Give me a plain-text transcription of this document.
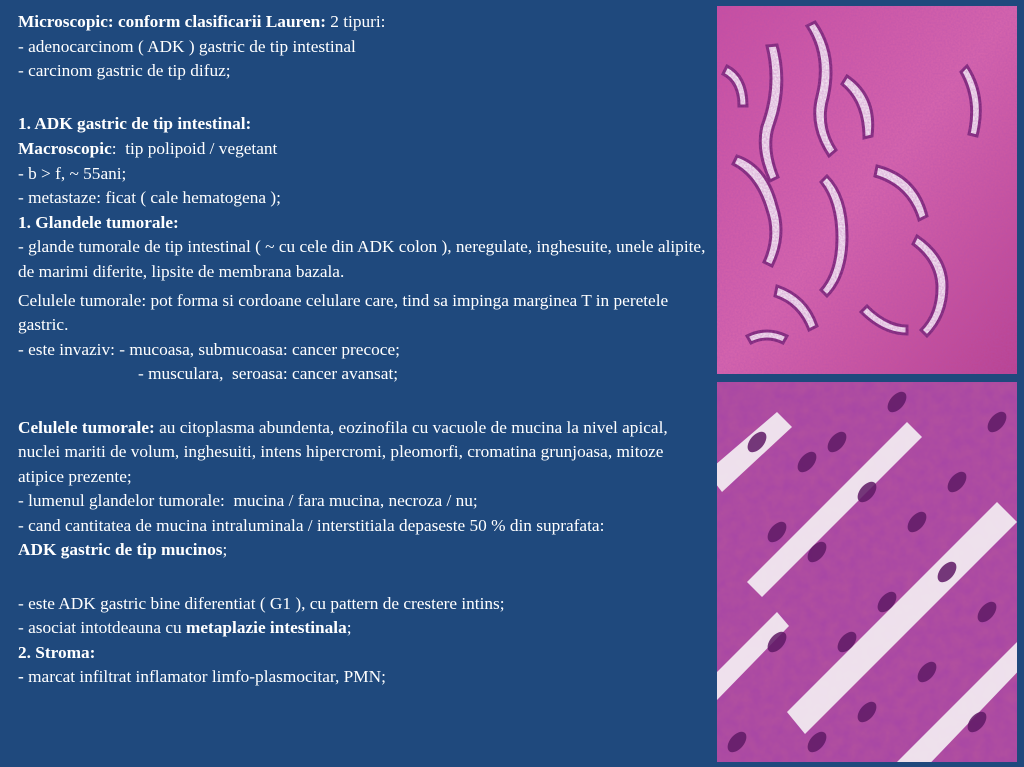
Microscopic: conform clasificarii Lauren: 2 tipuri:
- adenocarcinom ( ADK ) gastric de tip intestinal
- carcinom gastric de tip difuz;
1. ADK gastric de tip intestinal:
Macroscopic:  tip polipoid / vegetant
- b > f, ~ 55ani;
- metastaze: ficat ( cale hematogena );
1. Glandele tumorale:
- glande tumorale de tip intestinal ( ~ cu cele din ADK colon ), neregulate, inghesuite, unele alipite, de marimi diferite, lipsite de membrana bazala.
Celulele tumorale: pot forma si cordoane celulare care, tind sa impinga marginea T in peretele gastric.
- este invaziv: - mucoasa, submucoasa: cancer precoce;
- musculara,  seroasa: cancer avansat;
Celulele tumorale: au citoplasma abundenta, eozinofila cu vacuole de mucina la nivel apical, nuclei mariti de volum, inghesuiti, intens hipercromi, pleomorfi, cromatina grunjoasa, mitoze atipice prezente;
- lumenul glandelor tumorale:  mucina / fara mucina, necroza / nu;
- cand cantitatea de mucina intraluminala / interstitiala depaseste 50 % din suprafata:
ADK gastric de tip mucinos;
- este ADK gastric bine diferentiat ( G1 ), cu pattern de crestere intins;
- asociat intotdeauna cu metaplazie intestinala;
2. Stroma:
- marcat infiltrat inflamator limfo-plasmocitar, PMN;
